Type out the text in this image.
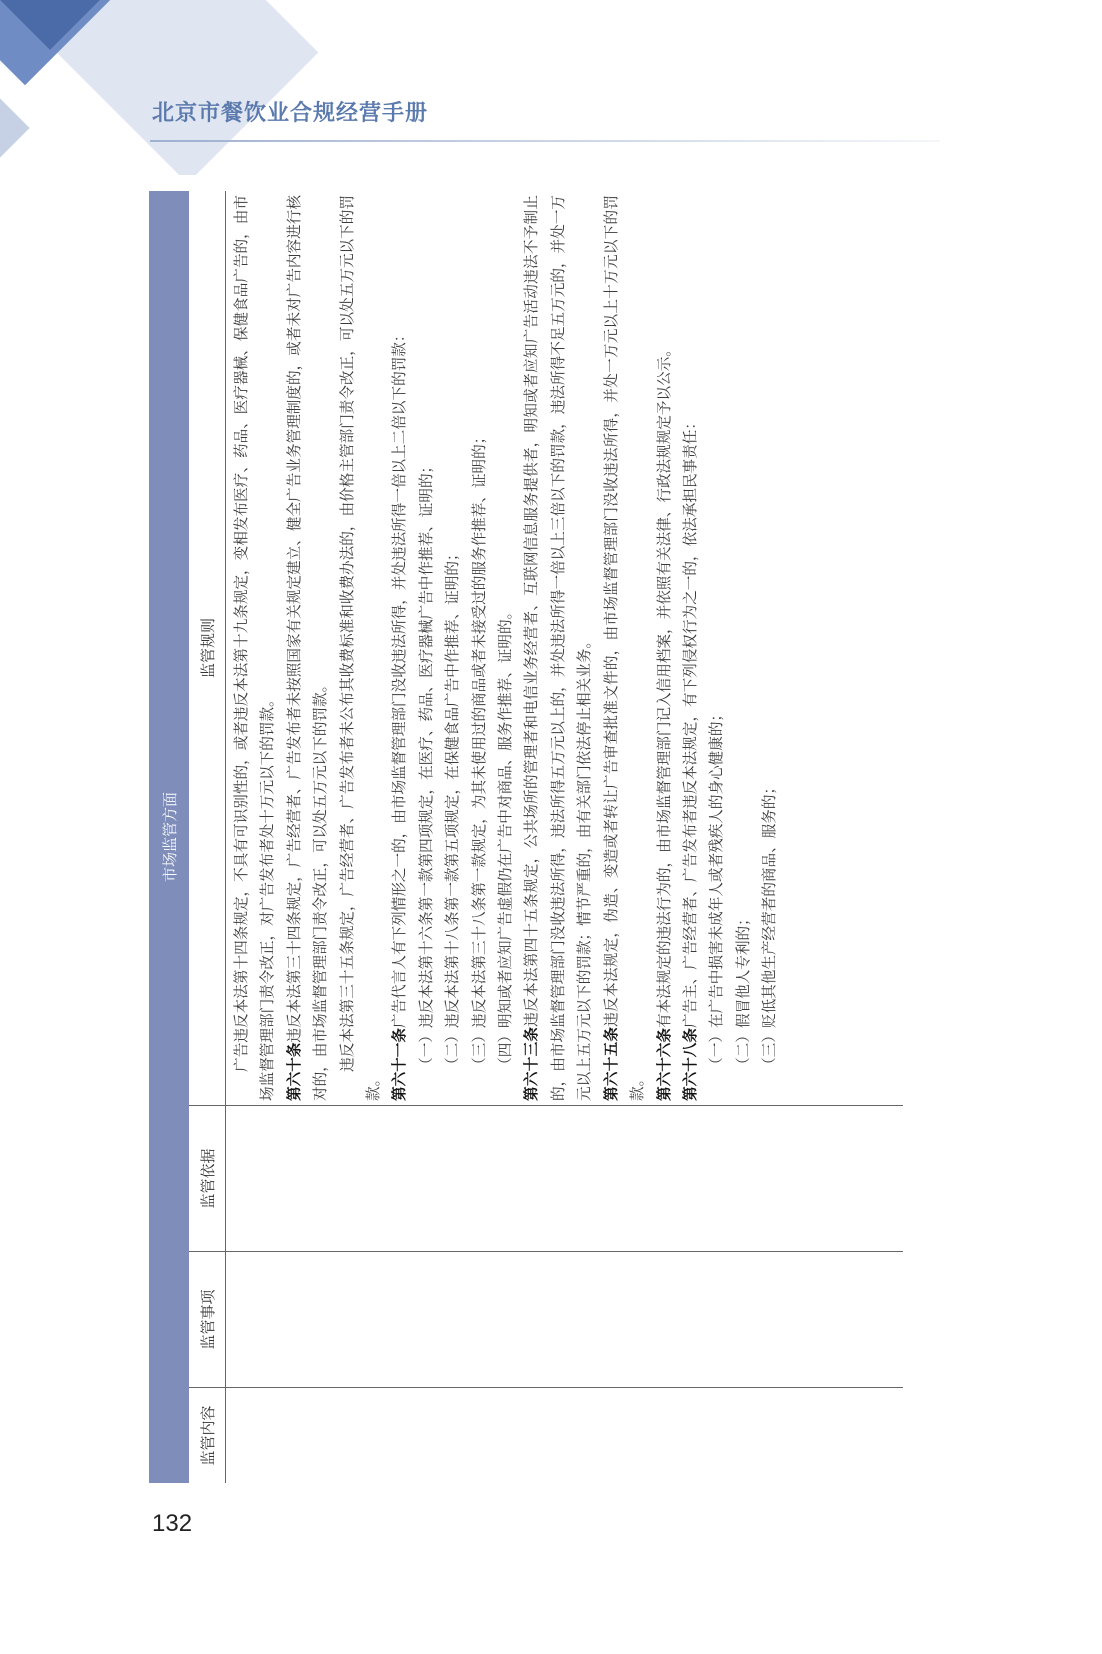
北京市餐饮业合规经营手册
市场监管方面
监管内容
监管事项
监管依据
监管规则	广告违反本法第十四条规定，不具有可识别性的，或者违反本法第十九条规定，变相发布医疗、药品、医疗器械、保健食品广告的，由市场监督管理部门责令改正，对广告发布者处十万元以下的罚款。 第六十条违反本法第三十四条规定，广告经营者、广告发布者未按照国家有关规定建立、健全广告业务管理制度的，或者未对广告内容进行核对的，由市场监督管理部门责令改正，可以处五万元以下的罚款。 违反本法第三十五条规定，广告经营者、广告发布者未公布其收费标准和收费办法的，由价格主管部门责令改正，可以处五万元以下的罚款。 第六十一条广告代言人有下列情形之一的，由市场监督管理部门没收违法所得，并处违法所得一倍以上二倍以下的罚款： （一）违反本法第十六条第一款第四项规定，在医疗、药品、医疗器械广告中作推荐、证明的； （二）违反本法第十八条第一款第五项规定，在保健食品广告中作推荐、证明的； （三）违反本法第三十八条第一款规定，为其未使用过的商品或者未接受过的服务作推荐、证明的； （四）明知或者应知广告虚假仍在广告中对商品、服务作推荐、证明的。 第六十三条违反本法第四十五条规定，公共场所的管理者和电信业务经营者、互联网信息服务提供者，明知或者应知广告活动违法不予制止的，由市场监督管理部门没收违法所得，违法所得五万元以上的，并处违法所得一倍以上三倍以下的罚款，违法所得不足五万元的，并处一万元以上五万元以下的罚款；情节严重的，由有关部门依法停止相关业务。 第六十五条违反本法规定，伪造、变造或者转让广告审查批准文件的，由市场监督管理部门没收违法所得，并处一万元以上十万元以下的罚款。 第六十六条有本法规定的违法行为的，由市场监督管理部门记入信用档案，并依照有关法律、行政法规规定予以公示。

第六十八条广告主、广告经营者、广告发布者违反本法规定，有下列侵权行为之一的，依法承担民事责任： （一）在广告中损害未成年人或者残疾人的身心健康的； （二）假冒他人专利的； （三）贬低其他生产经营者的商品、服务的；

132
